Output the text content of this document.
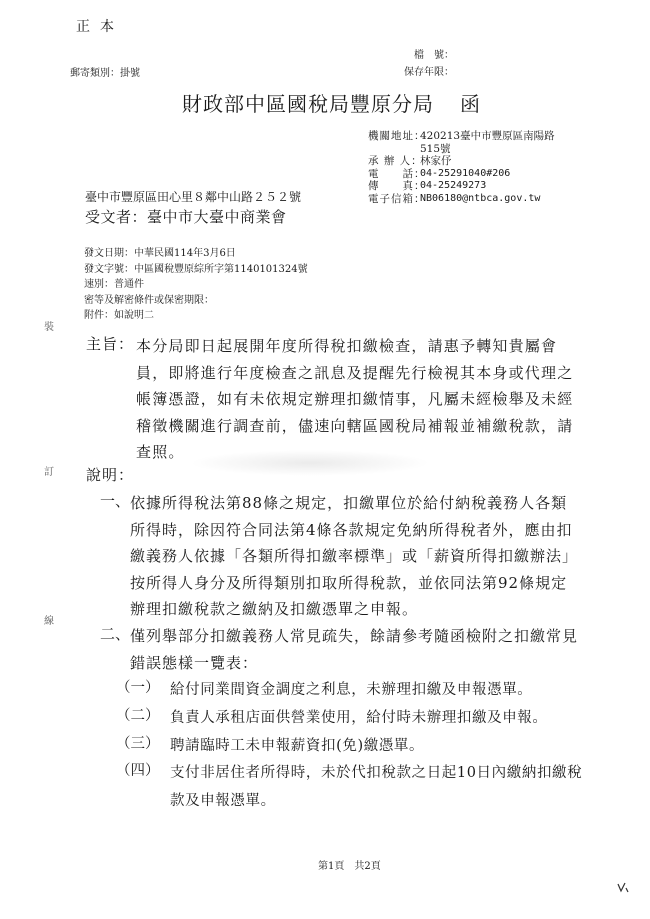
正本
郵寄類別：掛號
檔　號：
保存年限：
財政部中區國稅局豐原分局 函
機關地址：
420213臺中市豐原區南陽路
515號
承 辦 人：
林家伃
電　　話：
04-25291040#206
傳　　真：
04-25249273
電子信箱：
NB06180@ntbca.gov.tw
臺中市豐原區田心里８鄰中山路２５２號
受文者：臺中市大臺中商業會
發文日期：中華民國114年3月6日
發文字號：中區國稅豐原綜所字第1140101324號
速別：普通件
密等及解密條件或保密期限：
附件：如說明二
裝
訂
線
主旨： 本分局即日起展開年度所得稅扣繳檢查，請惠予轉知貴屬會員，即將進行年度檢查之訊息及提醒先行檢視其本身或代理之帳簿憑證，如有未依規定辦理扣繳情事，凡屬未經檢舉及未經稽徵機關進行調查前，儘速向轄區國稅局補報並補繳稅款，請查照。
說明：
一、 依據所得稅法第88條之規定，扣繳單位於給付納稅義務人各類所得時，除因符合同法第4條各款規定免納所得稅者外，應由扣繳義務人依據「各類所得扣繳率標準」或「薪資所得扣繳辦法」按所得人身分及所得類別扣取所得稅款，並依同法第92條規定辦理扣繳稅款之繳納及扣繳憑單之申報。
二、 僅列舉部分扣繳義務人常見疏失，餘請參考隨函檢附之扣繳常見錯誤態樣一覽表：
（一） 給付同業間資金調度之利息，未辦理扣繳及申報憑單。
（二） 負責人承租店面供營業使用，給付時未辦理扣繳及申報。
（三） 聘請臨時工未申報薪資扣(免)繳憑單。
（四） 支付非居住者所得時，未於代扣稅款之日起10日內繳納扣繳稅款及申報憑單。
第1頁　共2頁
